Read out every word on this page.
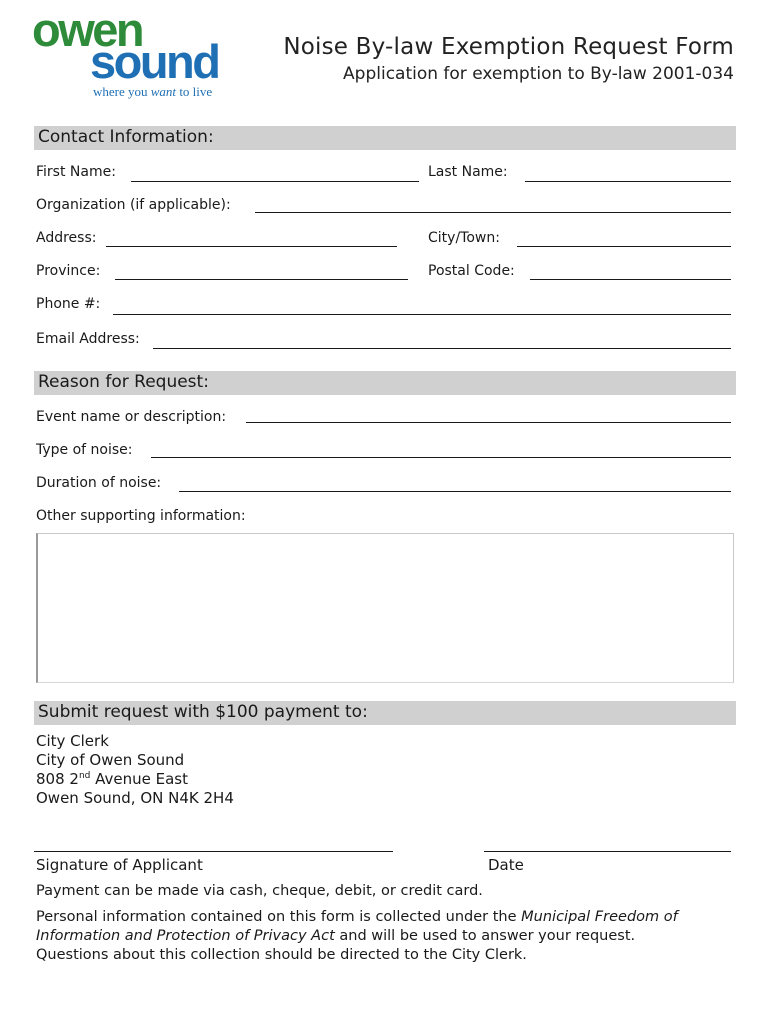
owen
sound
where you want to live
Noise By-law Exemption Request Form
Application for exemption to By-law 2001-034
Contact Information:
First Name:	Last Name:
Organization (if applicable):
Address:	City/Town:
Province:	Postal Code:
Phone #:
Email Address:
Reason for Request:
Event name or description:
Type of noise:
Duration of noise:
Other supporting information:
Submit request with $100 payment to:
City Clerk
City of Owen Sound
808 2nd Avenue East
Owen Sound, ON N4K 2H4
Signature of Applicant	Date
Payment can be made via cash, cheque, debit, or credit card.
Personal information contained on this form is collected under the Municipal Freedom of
Information and Protection of Privacy Act and will be used to answer your request.
Questions about this collection should be directed to the City Clerk.
